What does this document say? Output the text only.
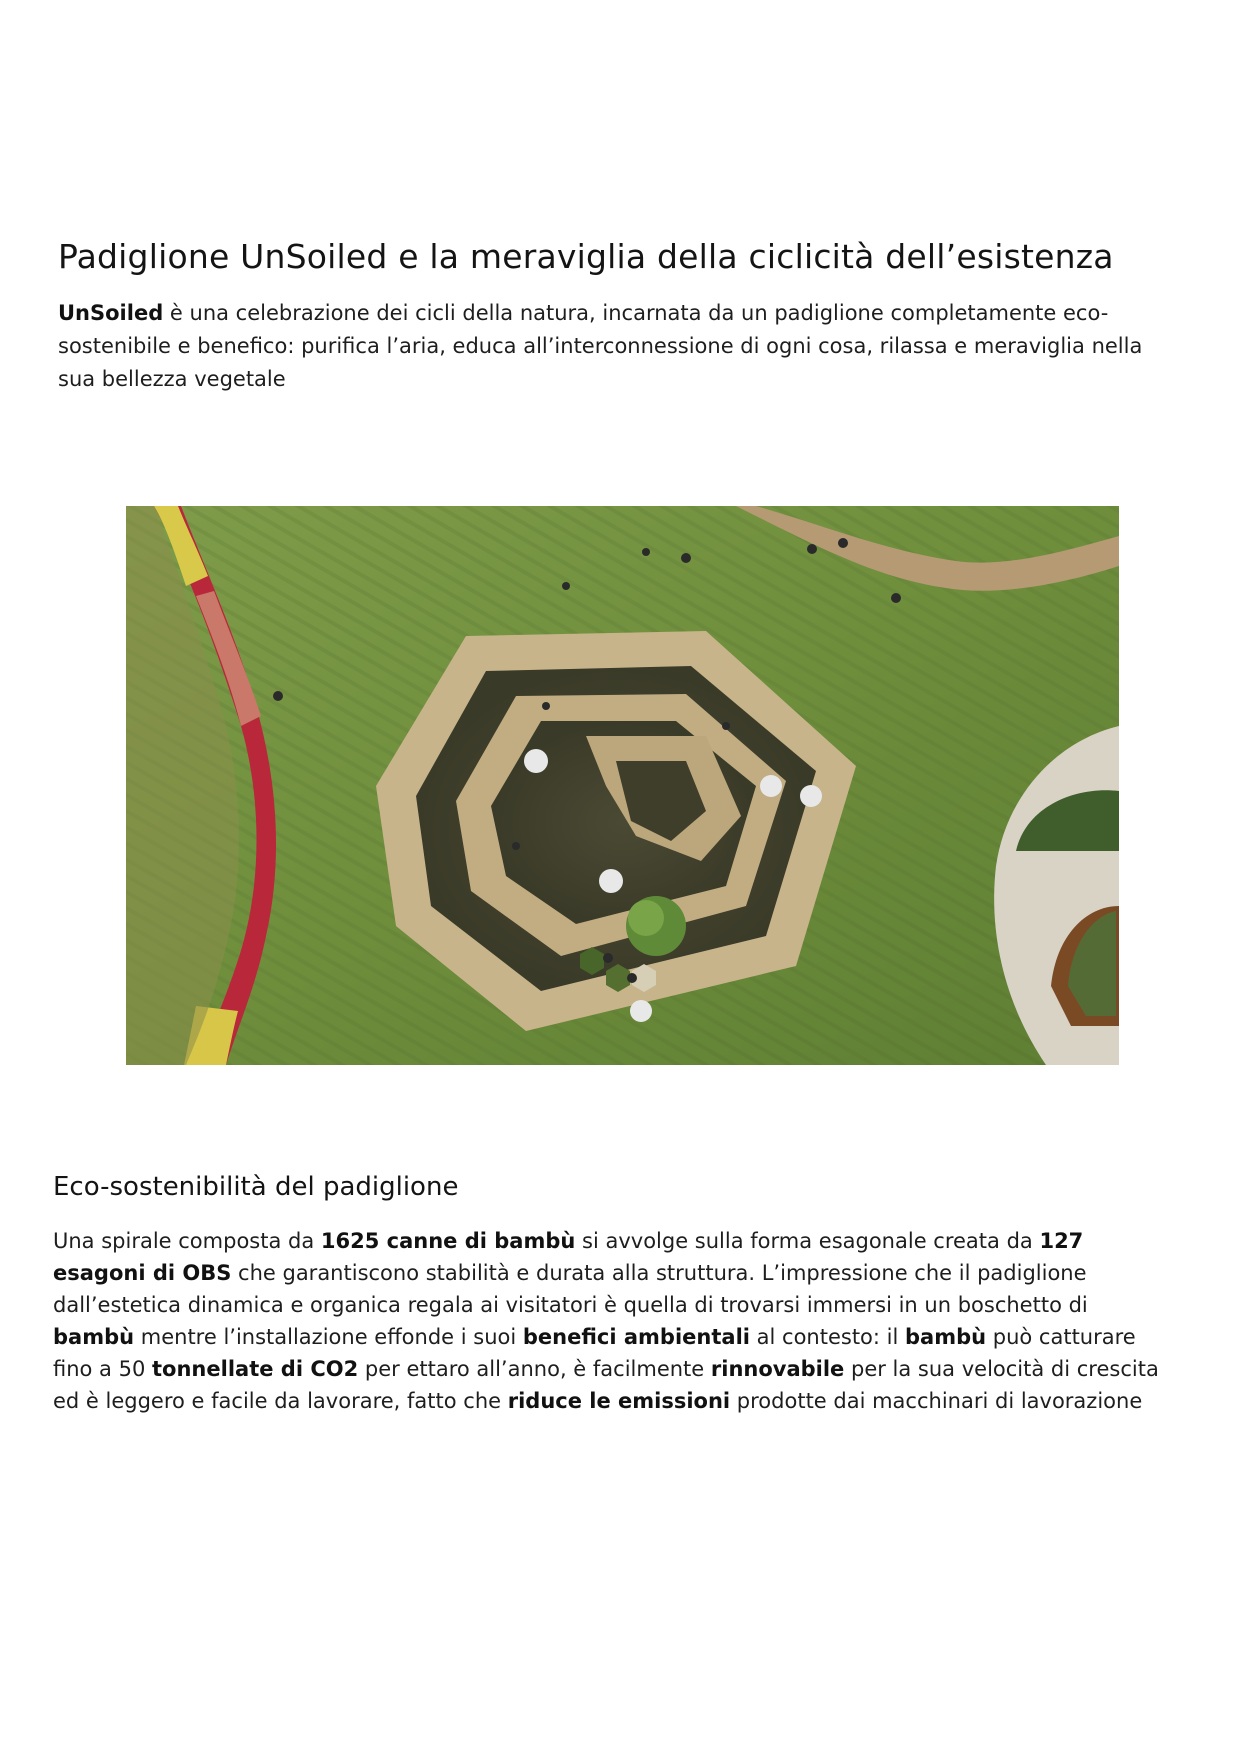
Padiglione UnSoiled e la meraviglia della ciclicità dell’esistenza

UnSoiled è una celebrazione dei cicli della natura, incarnata da un padiglione completamente eco-
sostenibile e benefico: purifica l’aria, educa all’interconnessione di ogni cosa, rilassa e meraviglia nella
sua bellezza vegetale

Eco-sostenibilità del padiglione

Una spirale composta da 1625 canne di bambù si avvolge sulla forma esagonale creata da 127
esagoni di OBS che garantiscono stabilità e durata alla struttura. L’impressione che il padiglione
dall’estetica dinamica e organica regala ai visitatori è quella di trovarsi immersi in un boschetto di
bambù mentre l’installazione effonde i suoi benefici ambientali al contesto: il bambù può catturare
fino a 50 tonnellate di CO2 per ettaro all’anno, è facilmente rinnovabile per la sua velocità di crescita
ed è leggero e facile da lavorare, fatto che riduce le emissioni prodotte dai macchinari di lavorazione
